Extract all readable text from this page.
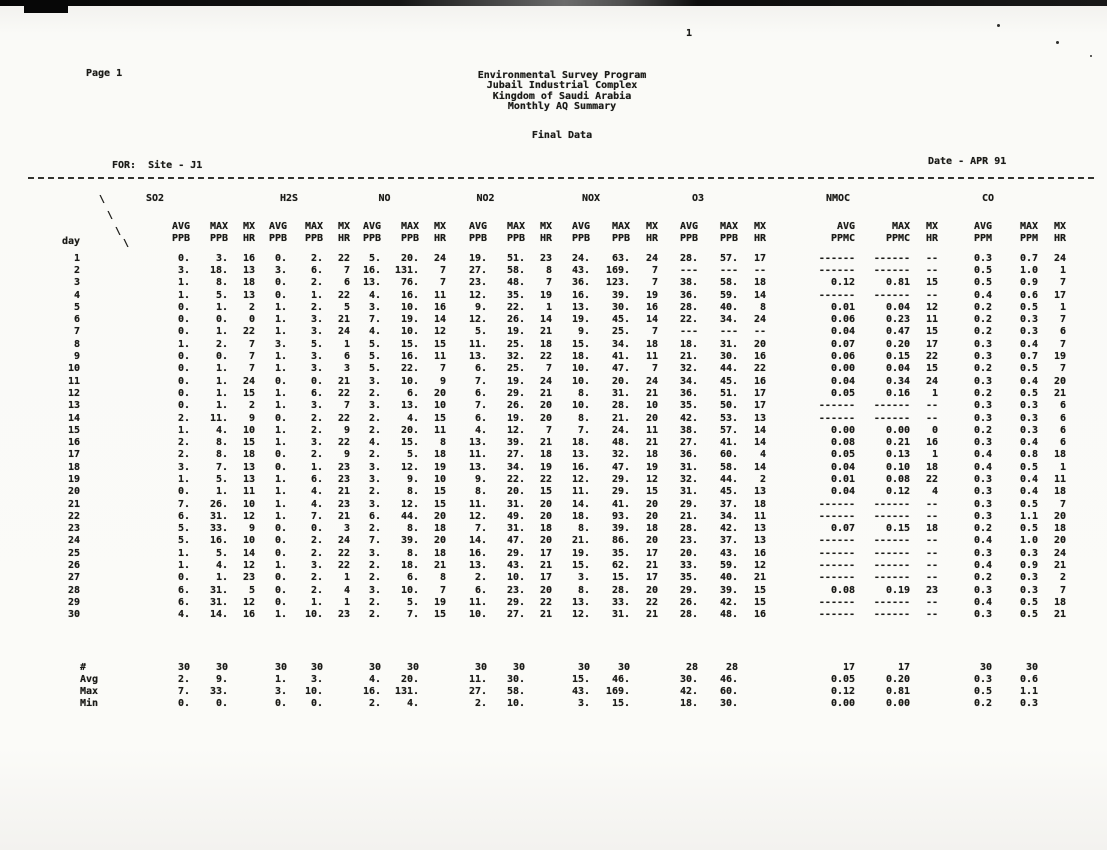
1
Page 1	Environmental Survey Program
Jubail Industrial Complex
Kingdom of Saudi Arabia
Monthly AQ Summary
Final Data
FOR:  Site - J1	Date - APR 91
day
	SO2			H2S			NO			NO2			NOX			O3			NMOC			CO		

	AVG	MAX	MX	AVG	MAX	MX	AVG	MAX	MX	AVG	MAX	MX	AVG	MAX	MX	AVG	MAX	MX	AVG	MAX	MX	AVG	MAX	MX
	PPB	PPB	HR	PPB	PPB	HR	PPB	PPB	HR	PPB	PPB	HR	PPB	PPB	HR	PPB	PPB	HR	PPMC	PPMC	HR	PPM	PPM	HR

1	0.	3.	16	0.	2.	22	5.	20.	24	19.	51.	23	24.	63.	24	28.	57.	17	------	------	--	0.3	0.7	24
2	3.	18.	13	3.	6.	7	16.	131.	7	27.	58.	8	43.	169.	7	---	---	--	------	------	--	0.5	1.0	1
3	1.	8.	18	0.	2.	6	13.	76.	7	23.	48.	7	36.	123.	7	38.	58.	18	0.12	0.81	15	0.5	0.9	7
4	1.	5.	13	0.	1.	22	4.	16.	11	12.	35.	19	16.	39.	19	36.	59.	14	------	------	--	0.4	0.6	17
5	0.	1.	2	1.	2.	5	3.	10.	16	9.	22.	1	13.	30.	16	28.	40.	8	0.01	0.04	12	0.2	0.5	1
6	0.	0.	0	1.	3.	21	7.	19.	14	12.	26.	14	19.	45.	14	22.	34.	24	0.06	0.23	11	0.2	0.3	7
7	0.	1.	22	1.	3.	24	4.	10.	12	5.	19.	21	9.	25.	7	---	---	--	0.04	0.47	15	0.2	0.3	6
8	1.	2.	7	3.	5.	1	5.	15.	15	11.	25.	18	15.	34.	18	18.	31.	20	0.07	0.20	17	0.3	0.4	7
9	0.	0.	7	1.	3.	6	5.	16.	11	13.	32.	22	18.	41.	11	21.	30.	16	0.06	0.15	22	0.3	0.7	19
10	0.	1.	7	1.	3.	3	5.	22.	7	6.	25.	7	10.	47.	7	32.	44.	22	0.00	0.04	15	0.2	0.5	7
11	0.	1.	24	0.	0.	21	3.	10.	9	7.	19.	24	10.	20.	24	34.	45.	16	0.04	0.34	24	0.3	0.4	20
12	0.	1.	15	1.	6.	22	2.	6.	20	6.	29.	21	8.	31.	21	36.	51.	17	0.05	0.16	1	0.2	0.5	21
13	0.	1.	2	1.	3.	7	3.	13.	10	7.	26.	20	10.	28.	10	35.	50.	17	------	------	--	0.3	0.3	6
14	2.	11.	9	0.	2.	22	2.	4.	15	6.	19.	20	8.	21.	20	42.	53.	13	------	------	--	0.3	0.3	6
15	1.	4.	10	1.	2.	9	2.	20.	11	4.	12.	7	7.	24.	11	38.	57.	14	0.00	0.00	0	0.2	0.3	6
16	2.	8.	15	1.	3.	22	4.	15.	8	13.	39.	21	18.	48.	21	27.	41.	14	0.08	0.21	16	0.3	0.4	6
17	2.	8.	18	0.	2.	9	2.	5.	18	11.	27.	18	13.	32.	18	36.	60.	4	0.05	0.13	1	0.4	0.8	18
18	3.	7.	13	0.	1.	23	3.	12.	19	13.	34.	19	16.	47.	19	31.	58.	14	0.04	0.10	18	0.4	0.5	1
19	1.	5.	13	1.	6.	23	3.	9.	10	9.	22.	22	12.	29.	12	32.	44.	2	0.01	0.08	22	0.3	0.4	11
20	0.	1.	11	1.	4.	21	2.	8.	15	8.	20.	15	11.	29.	15	31.	45.	13	0.04	0.12	4	0.3	0.4	18
21	7.	26.	10	1.	4.	23	3.	12.	15	11.	31.	20	14.	41.	20	29.	37.	18	------	------	--	0.3	0.5	7
22	6.	31.	12	1.	7.	21	6.	44.	20	12.	49.	20	18.	93.	20	21.	34.	11	------	------	--	0.3	1.1	20
23	5.	33.	9	0.	0.	3	2.	8.	18	7.	31.	18	8.	39.	18	28.	42.	13	0.07	0.15	18	0.2	0.5	18
24	5.	16.	10	0.	2.	24	7.	39.	20	14.	47.	20	21.	86.	20	23.	37.	13	------	------	--	0.4	1.0	20
25	1.	5.	14	0.	2.	22	3.	8.	18	16.	29.	17	19.	35.	17	20.	43.	16	------	------	--	0.3	0.3	24
26	1.	4.	12	1.	3.	22	2.	18.	21	13.	43.	21	15.	62.	21	33.	59.	12	------	------	--	0.4	0.9	21
27	0.	1.	23	0.	2.	1	2.	6.	8	2.	10.	17	3.	15.	17	35.	40.	21	------	------	--	0.2	0.3	2
28	6.	31.	5	0.	2.	4	3.	10.	7	6.	23.	20	8.	28.	20	29.	39.	15	0.08	0.19	23	0.3	0.3	7
29	6.	31.	12	0.	1.	1	2.	5.	19	11.	29.	22	13.	33.	22	26.	42.	15	------	------	--	0.4	0.5	18
30	4.	14.	16	1.	10.	23	2.	7.	15	10.	27.	21	12.	31.	21	28.	48.	16	------	------	--	0.3	0.5	21

#	30	30		30	30		30	30		30	30		30	30		28	28		17	17		30	30	
Avg	2.	9.		1.	3.		4.	20.		11.	30.		15.	46.		30.	46.		0.05	0.20		0.3	0.6	
Max	7.	33.		3.	10.		16.	131.		27.	58.		43.	169.		42.	60.		0.12	0.81		0.5	1.1	
Min	0.	0.		0.	0.		2.	4.		2.	10.		3.	15.		18.	30.		0.00	0.00		0.2	0.3	
\
\
\
\
